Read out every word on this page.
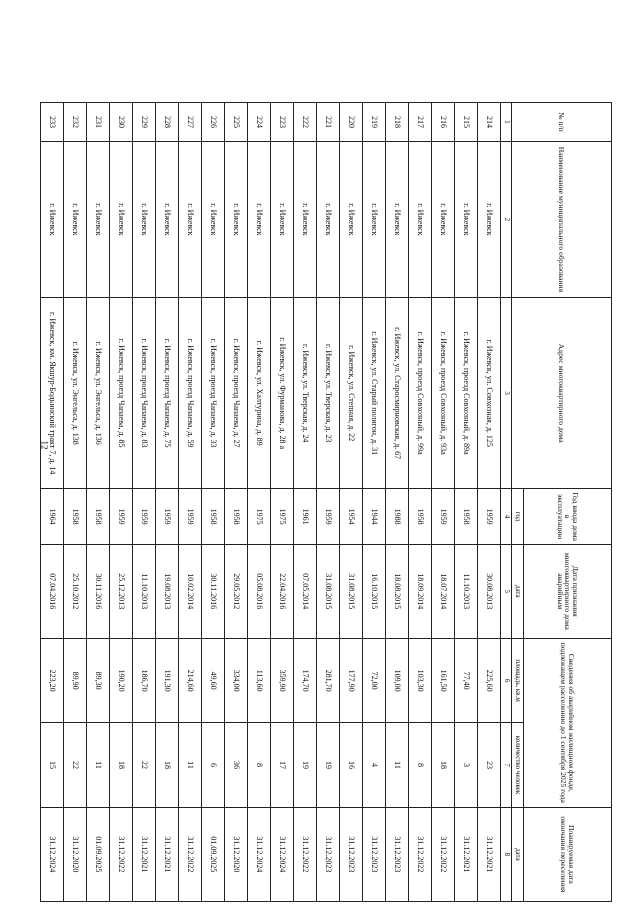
12
№ п/п	Наименование муниципального образования	Адрес многоквартирного дома	Год ввода дома в эксплуатацию	Дата признания многоквартирного дома аварийным	Сведения об аварийном жилищном фонде, подлежащем расселению до 1 сентября 2025 года		Планируемая дата окончания переселения
			год	дата	площадь, кв.м	количество человек	дата
1	2	3	4	5	6	7	8
214	г. Ижевск	г. Ижевск, ул. Совхозная, д. 125	1959	30.08.2013	225,60	23	31.12.2021
215	г. Ижевск	г. Ижевск, проезд Совхозный, д. 89а	1958	11.10.2013	77,40	3	31.12.2021
216	г. Ижевск	г. Ижевск, проезд Совхозный, д. 93а	1959	18.07.2014	161,50	18	31.12.2022
217	г. Ижевск	г. Ижевск, проезд Совхозный, д. 99а	1958	18.09.2014	103,30	8	31.12.2022
218	г. Ижевск	г. Ижевск, ул. Старосмирновская, д. 67	1988	18.08.2015	109,00	11	31.12.2023
219	г. Ижевск	г. Ижевск, ул. Старый полигон, д. 31	1944	16.10.2015	72,00	4	31.12.2023
220	г. Ижевск	г. Ижевск, ул. Степная, д. 22	1954	31.08.2015	177,90	16	31.12.2023
221	г. Ижевск	г. Ижевск, ул. Тверская, д. 23	1959	31.08.2015	281,70	19	31.12.2023
222	г. Ижевск	г. Ижевск, ул. Тверская, д. 24	1961	07.05.2014	174,70	19	31.12.2022
223	г. Ижевск	г. Ижевск, ул. Фурманова, д. 28 а	1975	22.04.2016	359,90	17	31.12.2024
224	г. Ижевск	г. Ижевск, ул. Халтурина, д. 89	1975	05.08.2016	113,60	8	31.12.2024
225	г. Ижевск	г. Ижевск, проезд Чапаева, д. 27	1958	29.05.2012	334,00	36	31.12.2020
226	г. Ижевск	г. Ижевск, проезд Чапаева, д. 33	1958	30.11.2016	49,60	6	01.09.2025
227	г. Ижевск	г. Ижевск, проезд Чапаева, д. 59	1959	10.02.2014	214,60	11	31.12.2022
228	г. Ижевск	г. Ижевск, проезд Чапаева, д. 75	1959	19.08.2013	191,30	18	31.12.2021
229	г. Ижевск	г. Ижевск, проезд Чапаева, д. 83	1959	11.10.2013	186,70	22	31.12.2021
230	г. Ижевск	г. Ижевск, проезд Чапаева, д. 85	1959	25.12.2013	190,20	18	31.12.2022
231	г. Ижевск	г. Ижевск, ул. Энгельса, д. 136	1958	30.11.2016	89,30	11	01.09.2025
232	г. Ижевск	г. Ижевск, ул. Энгельса, д. 138	1958	25.10.2012	89,90	22	31.12.2020
233	г. Ижевск	г. Ижевск, км. Якшур-Бодьинский тракт 7, д. 14	1964	07.04.2016	223,20	15	31.12.2024
